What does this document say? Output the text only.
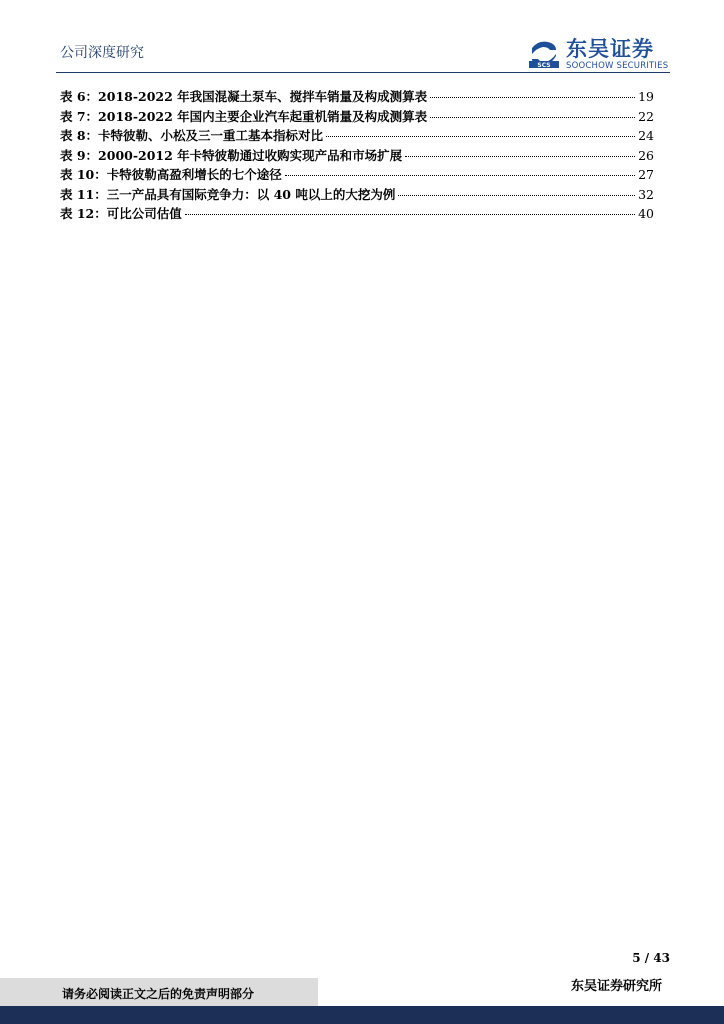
公司深度研究
SCS
东吴证券
SOOCHOW SECURITIES
表 6：2018-2022 年我国混凝土泵车、搅拌车销量及构成测算表	19
表 7：2018-2022 年国内主要企业汽车起重机销量及构成测算表	22
表 8：卡特彼勒、小松及三一重工基本指标对比	24
表 9：2000-2012 年卡特彼勒通过收购实现产品和市场扩展	26
表 10：卡特彼勒高盈利增长的七个途径	27
表 11：三一产品具有国际竞争力：以 40 吨以上的大挖为例	32
表 12：可比公司估值	40
5 / 43
请务必阅读正文之后的免责声明部分	东吴证券研究所
